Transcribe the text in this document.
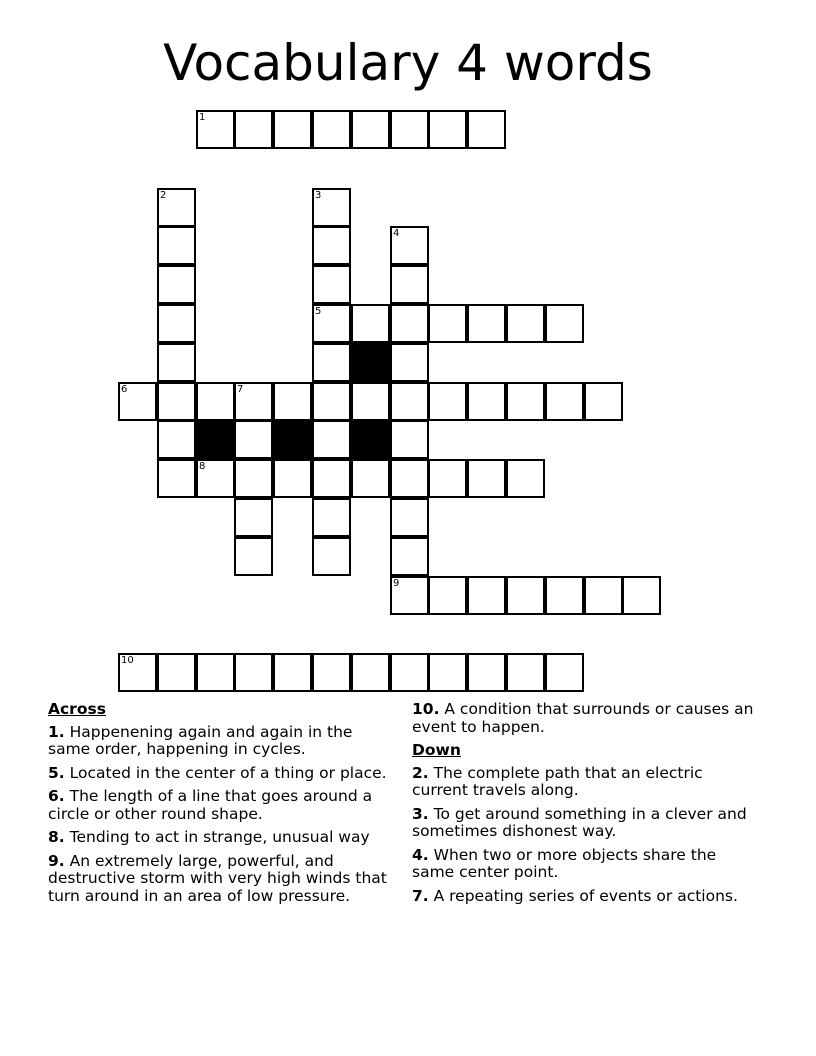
Vocabulary 4 words
1
2	3
5
4
6	7
8
9
10
Across
1. Happenening again and again in the same order, happening in cycles.
5. Located in the center of a thing or place.
6. The length of a line that goes around a circle or other round shape.
8. Tending to act in strange, unusual way
9. An extremely large, powerful, and destructive storm with very high winds that turn around in an area of low pressure.
10. A condition that surrounds or causes an event to happen.
Down
2. The complete path that an electric current travels along.
3. To get around something in a clever and sometimes dishonest way.
4. When two or more objects share the same center point.
7. A repeating series of events or actions.
